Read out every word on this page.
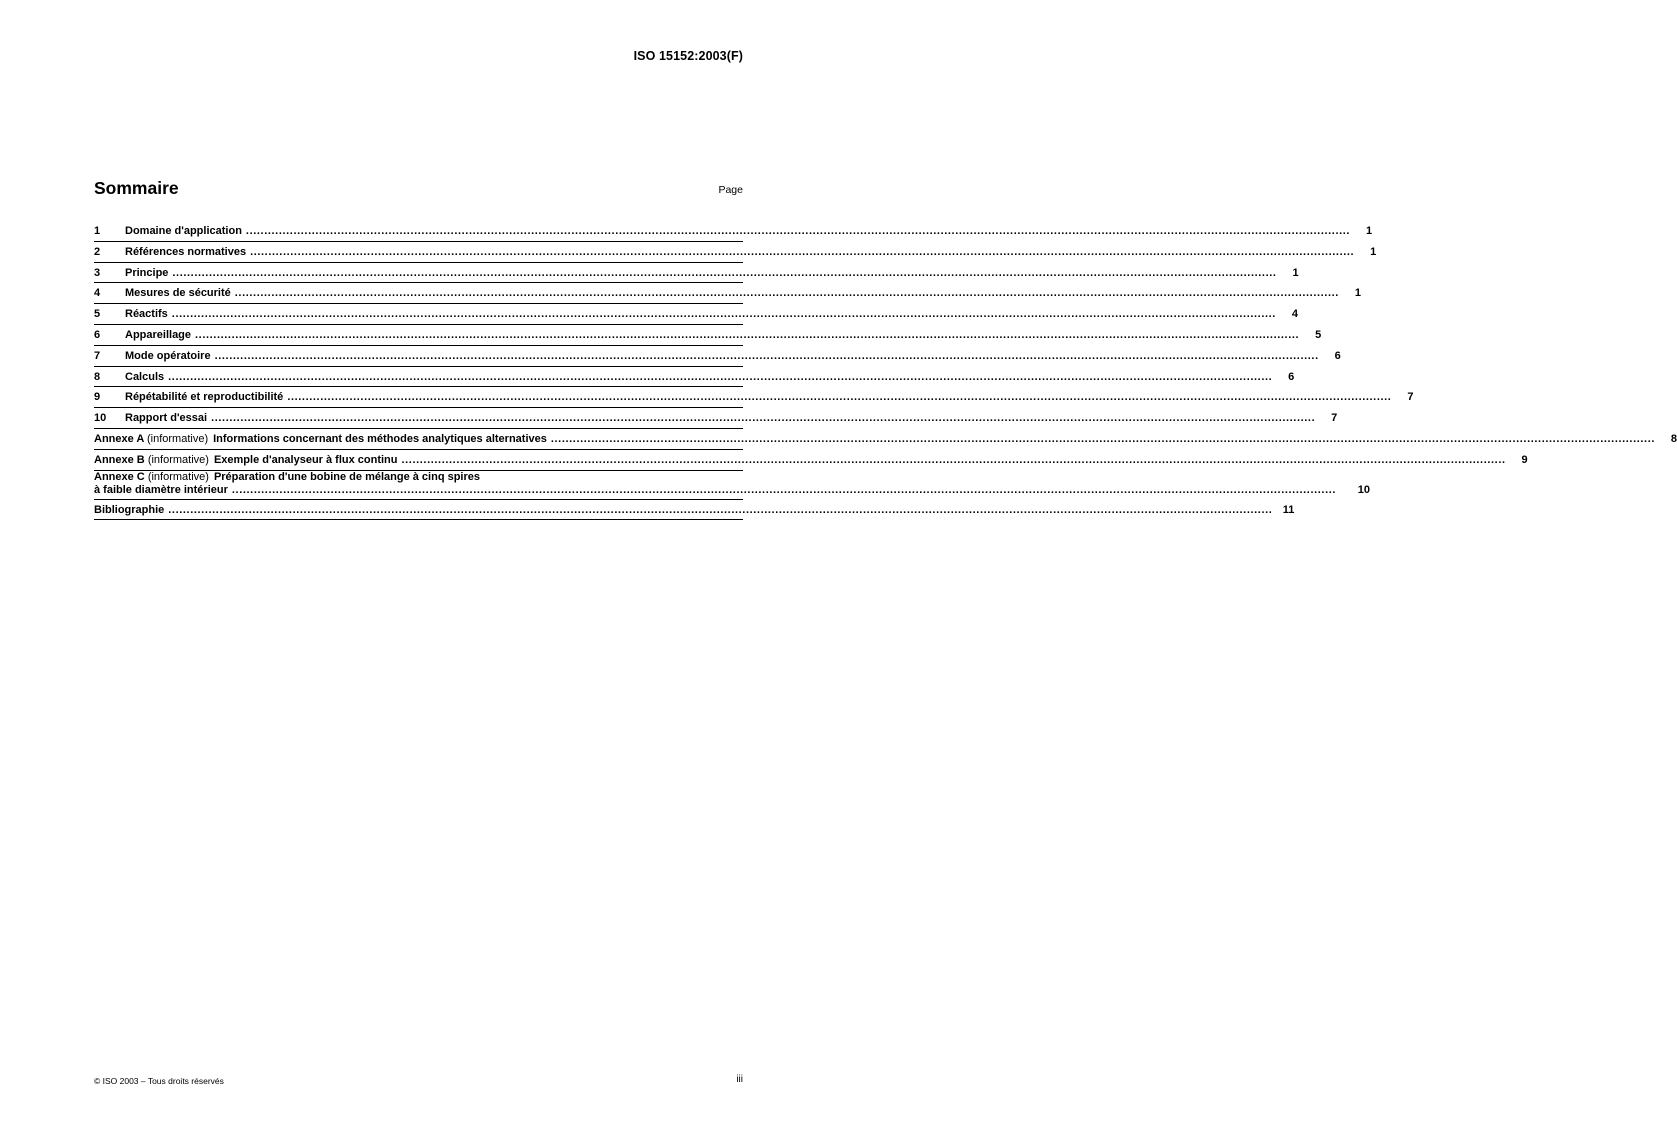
ISO 15152:2003(F)
Sommaire	Page
1	Domaine d'application .....	1
2	Références normatives .....	1
3	Principe .....	1
4	Mesures de sécurité .....	1
5	Réactifs .....	4
6	Appareillage .....	5
7	Mode opératoire .....	6
8	Calculs .....	6
9	Répétabilité et reproductibilité .....	7
10	Rapport d'essai .....	7
Annexe A (informative) Informations concernant des méthodes analytiques alternatives .....	8
Annexe B (informative) Exemple d'analyseur à flux continu .....	9
Annexe C (informative) Préparation d'une bobine de mélange à cinq spires
à faible diamètre intérieur .....	10
Bibliographie .....	11
© ISO 2003 – Tous droits réservés	iii
